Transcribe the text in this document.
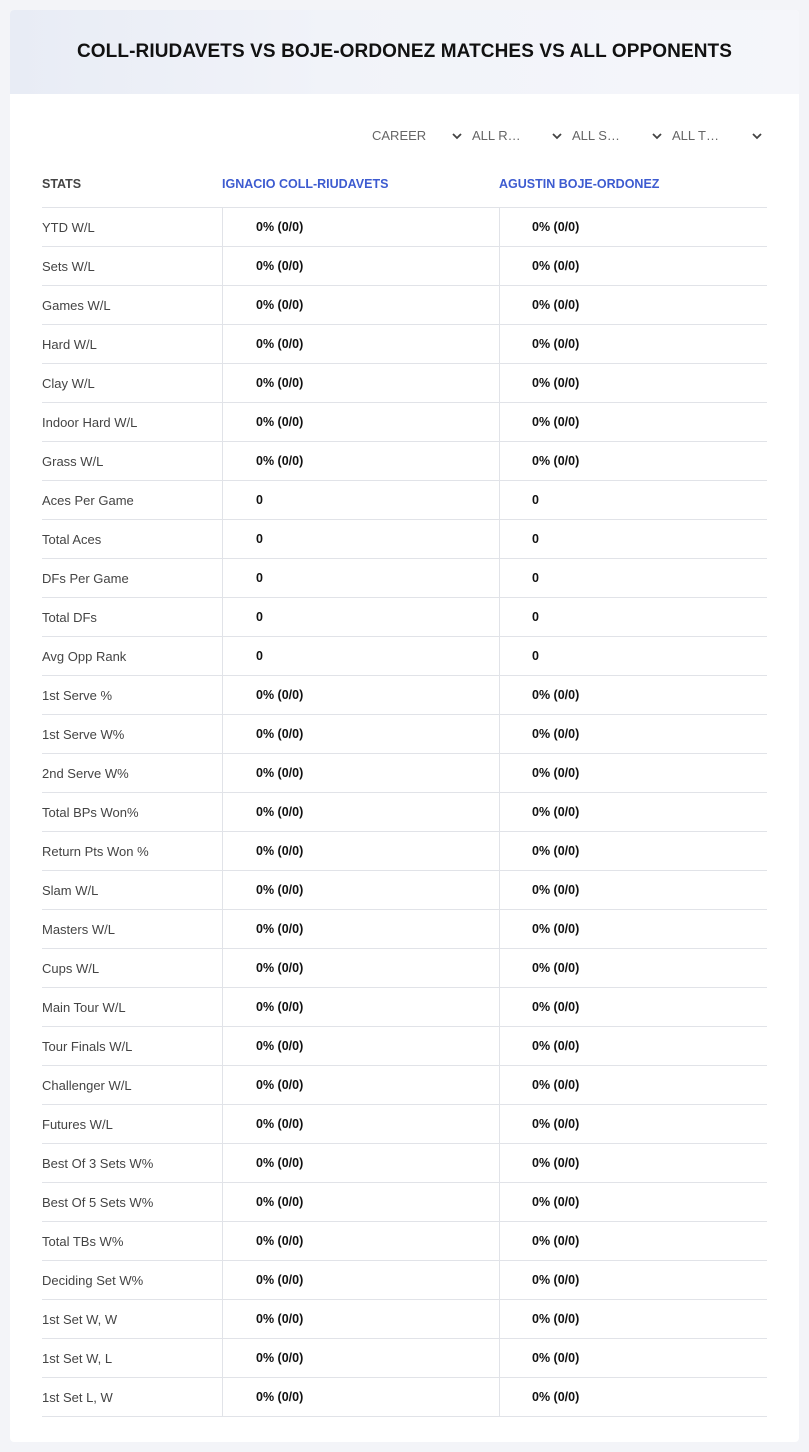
COLL-RIUDAVETS VS BOJE-ORDONEZ MATCHES VS ALL OPPONENTS
CAREER	ALL R…	ALL S…	ALL T…
STATS	IGNACIO COLL-RIUDAVETS	AGUSTIN BOJE-ORDONEZ
YTD W/L	0% (0/0)	0% (0/0)
Sets W/L	0% (0/0)	0% (0/0)
Games W/L	0% (0/0)	0% (0/0)
Hard W/L	0% (0/0)	0% (0/0)
Clay W/L	0% (0/0)	0% (0/0)
Indoor Hard W/L	0% (0/0)	0% (0/0)
Grass W/L	0% (0/0)	0% (0/0)
Aces Per Game	0	0
Total Aces	0	0
DFs Per Game	0	0
Total DFs	0	0
Avg Opp Rank	0	0
1st Serve %	0% (0/0)	0% (0/0)
1st Serve W%	0% (0/0)	0% (0/0)
2nd Serve W%	0% (0/0)	0% (0/0)
Total BPs Won%	0% (0/0)	0% (0/0)
Return Pts Won %	0% (0/0)	0% (0/0)
Slam W/L	0% (0/0)	0% (0/0)
Masters W/L	0% (0/0)	0% (0/0)
Cups W/L	0% (0/0)	0% (0/0)
Main Tour W/L	0% (0/0)	0% (0/0)
Tour Finals W/L	0% (0/0)	0% (0/0)
Challenger W/L	0% (0/0)	0% (0/0)
Futures W/L	0% (0/0)	0% (0/0)
Best Of 3 Sets W%	0% (0/0)	0% (0/0)
Best Of 5 Sets W%	0% (0/0)	0% (0/0)
Total TBs W%	0% (0/0)	0% (0/0)
Deciding Set W%	0% (0/0)	0% (0/0)
1st Set W, W	0% (0/0)	0% (0/0)
1st Set W, L	0% (0/0)	0% (0/0)
1st Set L, W	0% (0/0)	0% (0/0)
